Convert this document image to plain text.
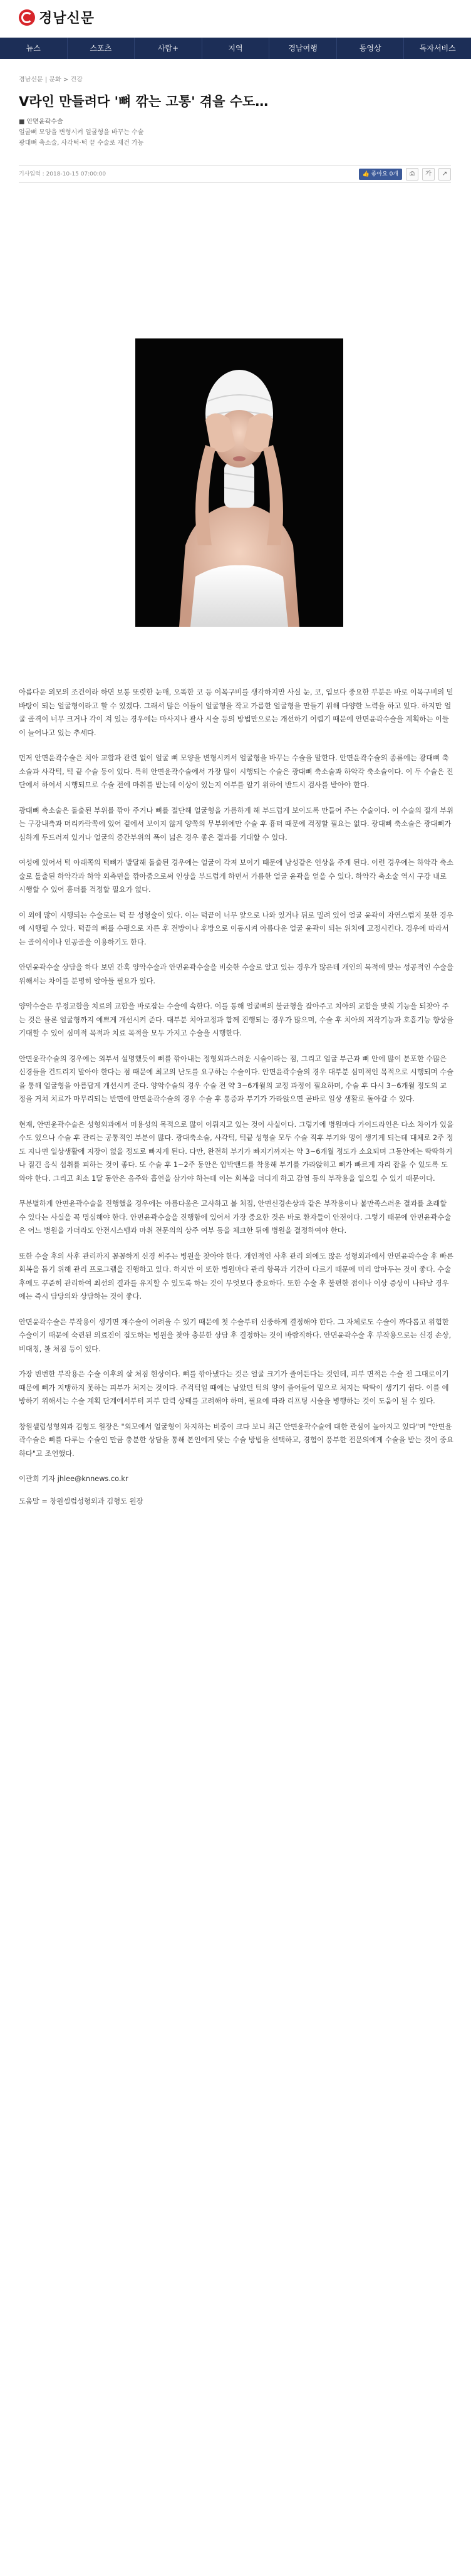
경남신문
뉴스	스포츠	사람+	지역	경남여행	동영상	독자서비스
경남신문 | 문화 > 건강
V라인 만들려다 '뼈 깎는 고통' 겪을 수도…
■ 안면윤곽수술
얼굴뼈 모양을 변형시켜 얼굴형을 바꾸는 수술
광대뼈 축소술, 사각턱·턱 끝 수술로 재건 가능
기사입력 : 2018-10-15 07:00:00	👍 좋아요 0개	⎙	가	↗

아름다운 외모의 조건이라 하면 보통 또렷한 눈매, 오똑한 코 등 이목구비를 생각하지만 사실 눈, 코, 입보다 중요한 부분은 바로 이목구비의 밑바탕이 되는 얼굴형이라고 할 수 있겠다. 그래서 많은 이들이 얼굴형을 작고 가름한 얼굴형을 만들기 위해 다양한 노력을 하고 있다. 하지만 얼굴 골격이 너무 크거나 각이 져 있는 경우에는 마사지나 괄사 시술 등의 방법만으로는 개선하기 어렵기 때문에 안면윤곽수술을 계획하는 이들이 늘어나고 있는 추세다.

먼저 안면윤곽수술은 치아 교합과 관련 없이 얼굴 뼈 모양을 변형시켜서 얼굴형을 바꾸는 수술을 말한다. 안면윤곽수술의 종류에는 광대뼈 축소술과 사각턱, 턱 끝 수술 등이 있다. 특히 안면윤곽수술에서 가장 많이 시행되는 수술은 광대뼈 축소술과 하악각 축소술이다. 이 두 수술은 진단에서 하여서 시행되므로 수술 전에 마취를 받는데 이상이 있는지 여부를 알기 위하여 반드시 검사를 받아야 한다.

광대뼈 축소술은 돌출된 부위를 깎아 주거나 뼈를 절단해 얼굴형을 가름하게 해 부드럽게 보이도록 만들어 주는 수술이다. 이 수술의 절개 부위는 구강내측과 머리카락쪽에 있어 겉에서 보이지 않게 양쪽의 무부위에만 수술 후 흉터 때문에 걱정할 필요는 없다. 광대뼈 축소술은 광대뼈가 심하게 두드러져 있거나 얼굴의 중간부위의 폭이 넓은 경우 좋은 결과를 기대할 수 있다.

여성에 있어서 턱 아래쪽의 턱뼈가 발달해 돌출된 경우에는 얼굴이 각져 보이기 때문에 남성같은 인상을 주게 된다. 이런 경우에는 하악각 축소술로 돌출된 하악각과 하악 외측면을 깎아줌으로써 인상을 부드럽게 하면서 가름한 얼굴 윤곽을 얻을 수 있다. 하악각 축소술 역시 구강 내로 시행할 수 있어 흉터를 걱정할 필요가 없다.

이 외에 많이 시행되는 수술로는 턱 끝 성형술이 있다. 이는 턱끝이 너무 앞으로 나와 있거나 뒤로 밀려 있어 얼굴 윤곽이 자연스럽지 못한 경우에 시행될 수 있다. 턱끝의 뼈를 수평으로 자른 후 전방이나 후방으로 이동시켜 아름다운 얼굴 윤곽이 되는 위치에 고정시킨다. 경우에 따라서는 골이식이나 인공골을 이용하기도 한다.

안면윤곽수술 상담을 하다 보면 간혹 양악수술과 안면윤곽수술을 비슷한 수술로 알고 있는 경우가 많은데 개인의 목적에 맞는 성공적인 수술을 위해서는 차이를 분명히 알아둘 필요가 있다.

양악수술은 부정교합을 치료의 교합을 바로잡는 수술에 속한다. 이를 통해 얼굴뼈의 불균형을 잡아주고 치아의 교합을 맞춰 기능을 되찾아 주는 것은 물론 얼굴형까지 예쁘게 개선시켜 준다. 대부분 치아교정과 함께 진행되는 경우가 많으며, 수술 후 치아의 저작기능과 호흡기능 향상을 기대할 수 있어 심미적 목적과 치료 목적을 모두 가지고 수술을 시행한다.

안면윤곽수술의 경우에는 외부서 설명했듯이 뼈를 깎아내는 정형외과스러운 시술이라는 점, 그리고 얼굴 부근과 뼈 안에 많이 분포한 수많은 신경들을 건드리지 말아야 한다는 점 때문에 최고의 난도를 요구하는 수술이다. 안면윤곽수술의 경우 대부분 심미적인 목적으로 시행되며 수술을 통해 얼굴형을 아름답게 개선시켜 준다. 양악수술의 경우 수술 전 약 3~6개월의 교정 과정이 필요하며, 수술 후 다시 3~6개월 정도의 교정을 거쳐 치료가 마무리되는 반면에 안면윤곽수술의 경우 수술 후 통증과 부기가 가라앉으면 곧바로 일상 생활로 돌아갈 수 있다.

현재, 안면윤곽수술은 성형외과에서 미용성의 목적으로 많이 이뤄지고 있는 것이 사실이다. 그렇기에 병원마다 가이드라인은 다소 차이가 있을 수도 있으나 수술 후 관리는 공통적인 부분이 많다. 광대축소술, 사각턱, 턱끝 성형술 모두 수술 직후 부기와 멍이 생기게 되는데 대체로 2주 정도 지나면 일상생활에 지장이 없을 정도로 빠지게 된다. 다만, 완전히 부기가 빠지기까지는 약 3~6개월 정도가 소요되며 그동안에는 딱딱하거나 질긴 음식 섭취를 피하는 것이 좋다. 또 수술 후 1~2주 동안은 압박밴드를 착용해 부기를 가라앉히고 뼈가 빠르게 자리 잡을 수 있도록 도와야 한다. 그리고 최소 1달 동안은 음주와 흡연을 삼가야 하는데 이는 회복을 더디게 하고 감염 등의 부작용을 일으킬 수 있기 때문이다.

무분별하게 안면윤곽수술을 진행했을 경우에는 아름다움은 고사하고 볼 처짐, 안면신경손상과 같은 부작용이나 불만족스러운 결과를 초래할 수 있다는 사실을 꼭 명심해야 한다. 안면윤곽수술을 진행함에 있어서 가장 중요한 것은 바로 환자들이 안전이다. 그렇기 때문에 안면윤곽수술은 어느 병원을 가더라도 안전시스템과 마취 전문의의 상주 여부 등을 체크한 뒤에 병원을 결정하여야 한다.

또한 수술 후의 사후 관리까지 꼼꼼하게 신경 써주는 병원을 찾아야 한다. 개인적인 사후 관리 외에도 많은 성형외과에서 안면윤곽수술 후 빠른 회복을 돕기 위해 관리 프로그램을 진행하고 있다. 하지만 이 또한 병원마다 관리 항목과 기간이 다르기 때문에 미리 알아두는 것이 좋다. 수술 후에도 꾸준히 관리하여 최선의 결과를 유지할 수 있도록 하는 것이 무엇보다 중요하다. 또한 수술 후 불편한 점이나 이상 증상이 나타날 경우에는 즉시 담당의와 상담하는 것이 좋다.

안면윤곽수술은 부작용이 생기면 재수술이 어려울 수 있기 때문에 첫 수술부터 신중하게 결정해야 한다. 그 자체로도 수술이 까다롭고 위험한 수술이기 때문에 숙련된 의료진이 집도하는 병원을 찾아 충분한 상담 후 결정하는 것이 바람직하다. 안면윤곽수술 후 부작용으로는 신경 손상, 비대칭, 볼 처짐 등이 있다.

가장 빈번한 부작용은 수술 이후의 살 처짐 현상이다. 뼈를 깎아냈다는 것은 얼굴 크기가 줄어든다는 것인데, 피부 면적은 수술 전 그대로이기 때문에 뼈가 지탱하지 못하는 피부가 처지는 것이다. 주걱턱일 때에는 남았던 턱의 양이 줄어들어 밑으로 처지는 딱딱이 생기기 쉽다. 이를 예방하기 위해서는 수술 계획 단계에서부터 피부 탄력 상태를 고려해야 하며, 필요에 따라 리프팅 시술을 병행하는 것이 도움이 될 수 있다.

창원셀럽성형외과 김형도 원장은 "외모에서 얼굴형이 차지하는 비중이 크다 보니 최근 안면윤곽수술에 대한 관심이 높아지고 있다"며 "안면윤곽수술은 뼈를 다루는 수술인 만큼 충분한 상담을 통해 본인에게 맞는 수술 방법을 선택하고, 경험이 풍부한 전문의에게 수술을 받는 것이 중요하다"고 조언했다.

이관희 기자 jhlee@knnews.co.kr

도움말 = 창원셀럽성형외과 김형도 원장
